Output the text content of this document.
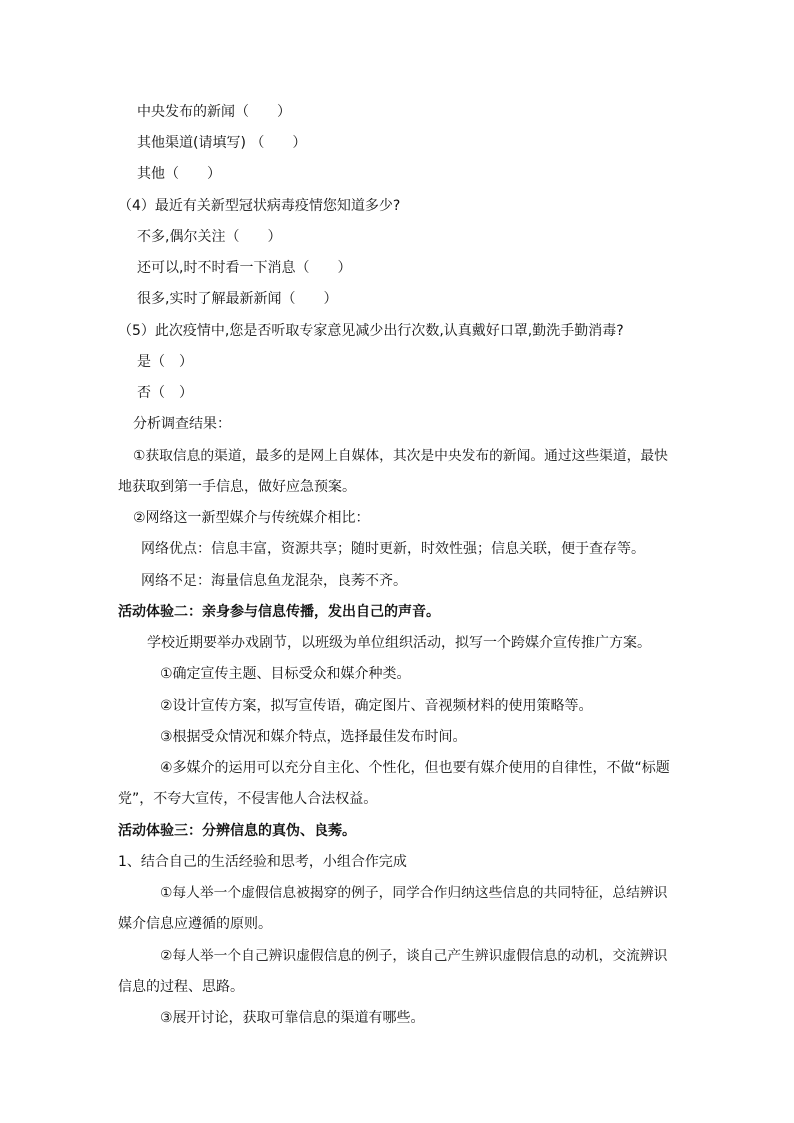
中央发布的新闻（　　）
其他渠道(请填写) （　　）
其他（　　）
（4）最近有关新型冠状病毒疫情您知道多少?
不多,偶尔关注（　　）
还可以,时不时看一下消息（　　）
很多,实时了解最新新闻（　　）
（5）此次疫情中,您是否听取专家意见减少出行次数,认真戴好口罩,勤洗手勤消毒?
是（　）
否（　）
分析调查结果：
①获取信息的渠道，最多的是网上自媒体，其次是中央发布的新闻。通过这些渠道，最快
地获取到第一手信息，做好应急预案。
②网络这一新型媒介与传统媒介相比：
网络优点：信息丰富，资源共享；随时更新，时效性强；信息关联，便于查存等。
网络不足：海量信息鱼龙混杂，良莠不齐。
活动体验二：亲身参与信息传播，发出自己的声音。
学校近期要举办戏剧节，以班级为单位组织活动，拟写一个跨媒介宣传推广方案。
①确定宣传主题、目标受众和媒介种类。
②设计宣传方案，拟写宣传语，确定图片、音视频材料的使用策略等。
③根据受众情况和媒介特点，选择最佳发布时间。
④多媒介的运用可以充分自主化、个性化，但也要有媒介使用的自律性，不做“标题
党”，不夸大宣传，不侵害他人合法权益。
活动体验三：分辨信息的真伪、良莠。
1、结合自己的生活经验和思考，小组合作完成
①每人举一个虚假信息被揭穿的例子，同学合作归纳这些信息的共同特征，总结辨识
媒介信息应遵循的原则。
②每人举一个自己辨识虚假信息的例子，谈自己产生辨识虚假信息的动机，交流辨识
信息的过程、思路。
③展开讨论，获取可靠信息的渠道有哪些。
